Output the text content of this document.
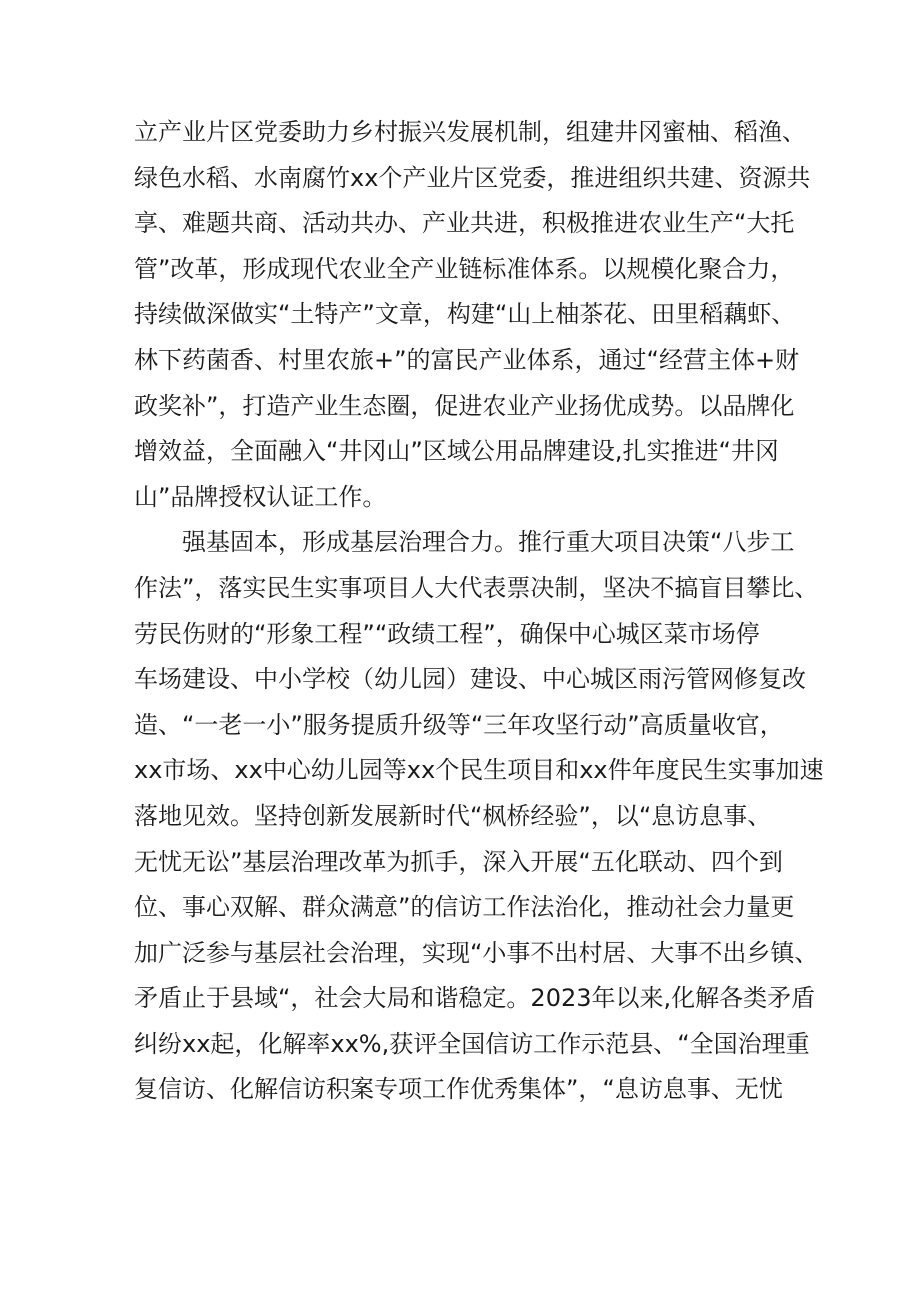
立产业片区党委助力乡村振兴发展机制，组建井冈蜜柚、稻渔、
绿色水稻、水南腐竹xx个产业片区党委，推进组织共建、资源共
享、难题共商、活动共办、产业共进，积极推进农业生产“大托
管”改革，形成现代农业全产业链标准体系。以规模化聚合力，
持续做深做实“土特产”文章，构建“山上柚茶花、田里稻藕虾、
林下药菌香、村里农旅+”的富民产业体系，通过“经营主体+财
政奖补”，打造产业生态圈，促进农业产业扬优成势。以品牌化
增效益，全面融入“井冈山”区域公用品牌建设,扎实推进“井冈
山”品牌授权认证工作。
强基固本，形成基层治理合力。推行重大项目决策“八步工
作法”，落实民生实事项目人大代表票决制，坚决不搞盲目攀比、
劳民伤财的“形象工程”“政绩工程”，确保中心城区菜市场停
车场建设、中小学校（幼儿园）建设、中心城区雨污管网修复改
造、“一老一小”服务提质升级等“三年攻坚行动”高质量收官，
xx市场、xx中心幼儿园等xx个民生项目和xx件年度民生实事加速
落地见效。坚持创新发展新时代“枫桥经验”，以“息访息事、
无忧无讼”基层治理改革为抓手，深入开展“五化联动、四个到
位、事心双解、群众满意”的信访工作法治化，推动社会力量更
加广泛参与基层社会治理，实现“小事不出村居、大事不出乡镇、
矛盾止于县域“，社会大局和谐稳定。2023年以来,化解各类矛盾
纠纷xx起，化解率xx%,获评全国信访工作示范县、“全国治理重
复信访、化解信访积案专项工作优秀集体”，“息访息事、无忧
